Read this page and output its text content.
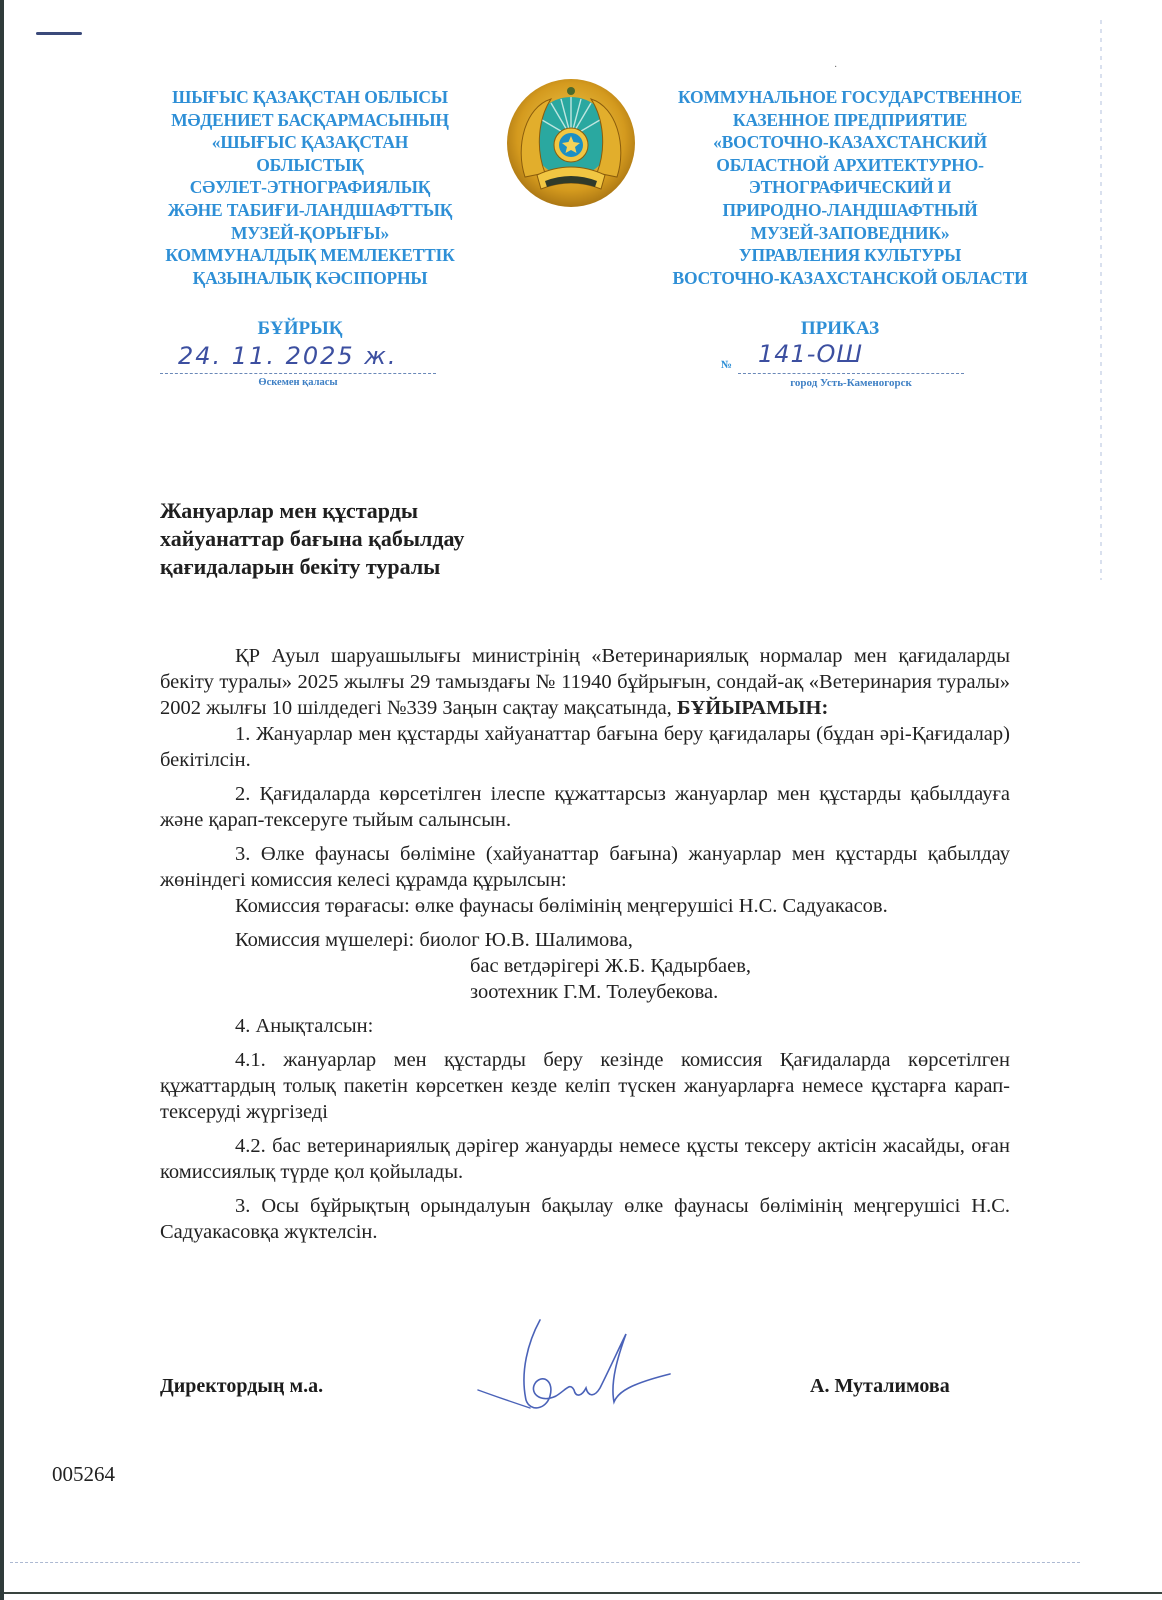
ШЫҒЫС ҚАЗАҚСТАН ОБЛЫСЫ
МӘДЕНИЕТ БАСҚАРМАСЫНЫҢ
«ШЫҒЫС ҚАЗАҚСТАН
ОБЛЫСТЫҚ
СӘУЛЕТ-ЭТНОГРАФИЯЛЫҚ
ЖӘНЕ ТАБИҒИ-ЛАНДШАФТТЫҚ
МУЗЕЙ-ҚОРЫҒЫ»
КОММУНАЛДЫҚ МЕМЛЕКЕТТІК
ҚАЗЫНАЛЫҚ КӘСІПОРНЫ
·
КОММУНАЛЬНОЕ ГОСУДАРСТВЕННОЕ
КАЗЕННОЕ ПРЕДПРИЯТИЕ
«ВОСТОЧНО-КАЗАХСТАНСКИЙ
ОБЛАСТНОЙ АРХИТЕКТУРНО-
ЭТНОГРАФИЧЕСКИЙ И
ПРИРОДНО-ЛАНДШАФТНЫЙ
МУЗЕЙ-ЗАПОВЕДНИК»
УПРАВЛЕНИЯ КУЛЬТУРЫ
ВОСТОЧНО-КАЗАХСТАНСКОЙ ОБЛАСТИ
БҰЙРЫҚ	ПРИКАЗ
24. 11. 2025 ж.
Өскемен қаласы
№ 141-ОШ
город Усть-Каменогорск
Жануарлар мен құстарды
хайуанаттар бағына қабылдау
қағидаларын бекіту туралы

ҚР Ауыл шаруашылығы министрінің «Ветеринариялық нормалар мен қағидаларды бекіту туралы» 2025 жылғы 29 тамыздағы № 11940 бұйрығын, сондай-ақ «Ветеринария туралы» 2002 жылғы 10 шілдедегі №339 Заңын сақтау мақсатында, БҰЙЫРАМЫН:

1. Жануарлар мен құстарды хайуанаттар бағына беру қағидалары (бұдан әрі-Қағидалар) бекітілсін.

2. Қағидаларда көрсетілген ілеспе құжаттарсыз жануарлар мен құстарды қабылдауға және қарап-тексеруге тыйым салынсын.

3. Өлке фаунасы бөліміне (хайуанаттар бағына) жануарлар мен құстарды қабылдау жөніндегі комиссия келесі құрамда құрылсын:

Комиссия төрағасы: өлке фаунасы бөлімінің меңгерушісі Н.С. Садуакасов.

Комиссия мүшелері: биолог Ю.В. Шалимова,
бас ветдәрігері Ж.Б. Қадырбаев,
зоотехник Г.М. Толеубекова.

4. Анықталсын:

4.1. жануарлар мен құстарды беру кезінде комиссия Қағидаларда көрсетілген құжаттардың толық пакетін көрсеткен кезде келіп түскен жануарларға немесе құстарға карап-тексеруді жүргізеді

4.2. бас ветеринариялық дәрігер жануарды немесе құсты тексеру актісін жасайды, оған комиссиялық түрде қол қойылады.

3. Осы бұйрықтың орындалуын бақылау өлке фаунасы бөлімінің меңгерушісі Н.С. Садуакасовқа жүктелсін.

Директордың м.а.	А. Муталимова
005264
